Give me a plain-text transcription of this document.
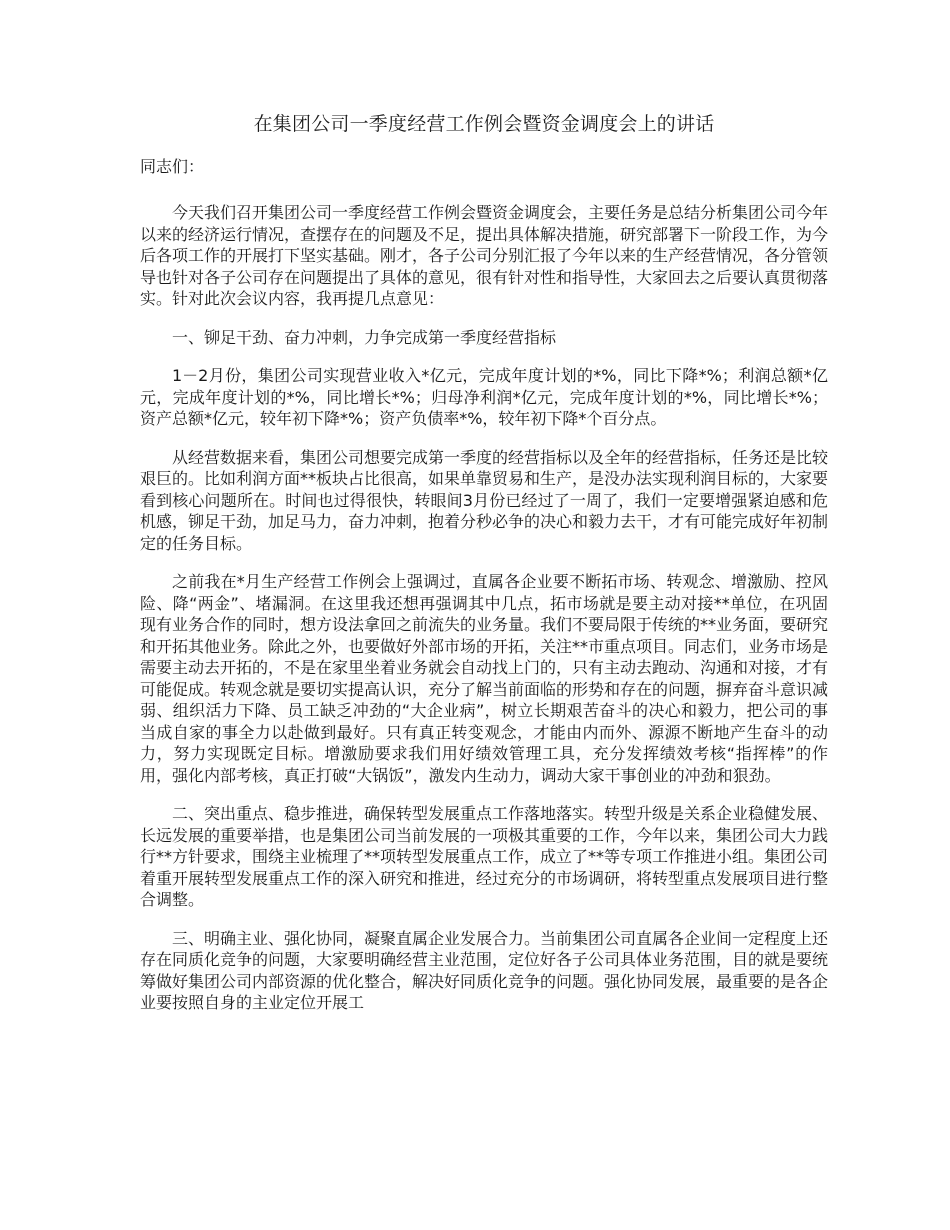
在集团公司一季度经营工作例会暨资金调度会上的讲话

同志们：

今天我们召开集团公司一季度经营工作例会暨资金调度会，主要任务是总结分析集团公司今年以来的经济运行情况，查摆存在的问题及不足，提出具体解决措施，研究部署下一阶段工作，为今后各项工作的开展打下坚实基础。刚才，各子公司分别汇报了今年以来的生产经营情况，各分管领导也针对各子公司存在问题提出了具体的意见，很有针对性和指导性，大家回去之后要认真贯彻落实。针对此次会议内容，我再提几点意见：

一、铆足干劲、奋力冲刺，力争完成第一季度经营指标

1－2月份，集团公司实现营业收入*亿元，完成年度计划的*%，同比下降*%；利润总额*亿元，完成年度计划的*%，同比增长*%；归母净利润*亿元，完成年度计划的*%，同比增长*%；资产总额*亿元，较年初下降*%；资产负债率*%，较年初下降*个百分点。

从经营数据来看，集团公司想要完成第一季度的经营指标以及全年的经营指标，任务还是比较艰巨的。比如利润方面**板块占比很高，如果单靠贸易和生产，是没办法实现利润目标的，大家要看到核心问题所在。时间也过得很快，转眼间3月份已经过了一周了，我们一定要增强紧迫感和危机感，铆足干劲，加足马力，奋力冲刺，抱着分秒必争的决心和毅力去干，才有可能完成好年初制定的任务目标。

之前我在*月生产经营工作例会上强调过，直属各企业要不断拓市场、转观念、增激励、控风险、降“两金”、堵漏洞。在这里我还想再强调其中几点，拓市场就是要主动对接**单位，在巩固现有业务合作的同时，想方设法拿回之前流失的业务量。我们不要局限于传统的**业务面，要研究和开拓其他业务。除此之外，也要做好外部市场的开拓，关注**市重点项目。同志们，业务市场是需要主动去开拓的，不是在家里坐着业务就会自动找上门的，只有主动去跑动、沟通和对接，才有可能促成。转观念就是要切实提高认识，充分了解当前面临的形势和存在的问题，摒弃奋斗意识减弱、组织活力下降、员工缺乏冲劲的“大企业病”，树立长期艰苦奋斗的决心和毅力，把公司的事当成自家的事全力以赴做到最好。只有真正转变观念，才能由内而外、源源不断地产生奋斗的动力，努力实现既定目标。增激励要求我们用好绩效管理工具，充分发挥绩效考核“指挥棒”的作用，强化内部考核，真正打破“大锅饭”，激发内生动力，调动大家干事创业的冲劲和狠劲。

二、突出重点、稳步推进，确保转型发展重点工作落地落实。转型升级是关系企业稳健发展、长远发展的重要举措，也是集团公司当前发展的一项极其重要的工作，今年以来，集团公司大力践行**方针要求，围绕主业梳理了**项转型发展重点工作，成立了**等专项工作推进小组。集团公司着重开展转型发展重点工作的深入研究和推进，经过充分的市场调研，将转型重点发展项目进行整合调整。

三、明确主业、强化协同，凝聚直属企业发展合力。当前集团公司直属各企业间一定程度上还存在同质化竞争的问题，大家要明确经营主业范围，定位好各子公司具体业务范围，目的就是要统筹做好集团公司内部资源的优化整合，解决好同质化竞争的问题。强化协同发展，最重要的是各企业要按照自身的主业定位开展工
